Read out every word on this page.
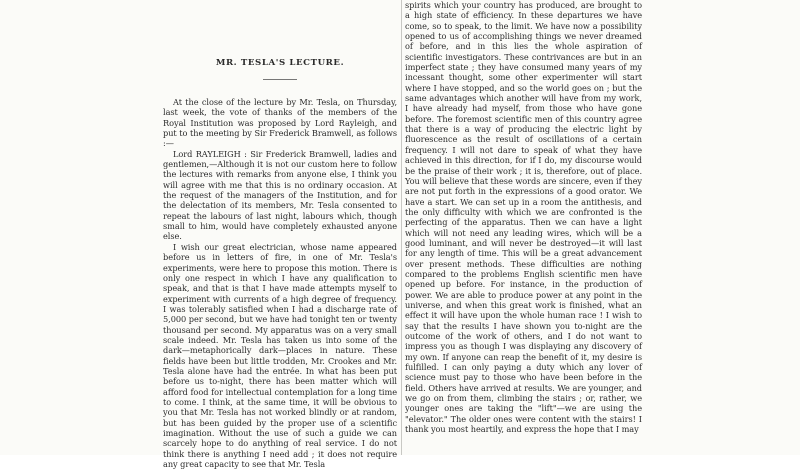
MR. TESLA'S LECTURE.

At the close of the lecture by Mr. Tesla, on Thursday, last week, the vote of thanks of the members of the Royal Institution was proposed by Lord Rayleigh, and put to the meeting by Sir Frederick Bramwell, as follows :—

Lord RAYLEIGH : Sir Frederick Bramwell, ladies and gentlemen,—Although it is not our custom here to follow the lectures with remarks from anyone else, I think you will agree with me that this is no ordinary occasion. At the request of the managers of the Institution, and for the delectation of its members, Mr. Tesla consented to repeat the labours of last night, labours which, though small to him, would have completely exhausted anyone else.

I wish our great electrician, whose name appeared before us in letters of fire, in one of Mr. Tesla's experiments, were here to propose this motion. There is only one respect in which I have any qualification to speak, and that is that I have made attempts myself to experiment with currents of a high degree of frequency. I was tolerably satisfied when I had a discharge rate of 5,000 per second, but we have had tonight ten or twenty thousand per second. My apparatus was on a very small scale indeed. Mr. Tesla has taken us into some of the dark—metaphorically dark—places in nature. These fields have been but little trodden, Mr. Crookes and Mr. Tesla alone have had the entrée. In what has been put before us to-night, there has been matter which will afford food for intellectual contemplation for a long time to come. I think, at the same time, it will be obvious to you that Mr. Tesla has not worked blindly or at random, but has been guided by the proper use of a scientific imagination. Without the use of such a guide we can scarcely hope to do anything of real service. I do not think there is anything I need add ; it does not require any great capacity to see that Mr. Tesla

spirits which your country has produced, are brought to a high state of efficiency. In these departures we have come, so to speak, to the limit. We have now a possibility opened to us of accomplishing things we never dreamed of before, and in this lies the whole aspiration of scientific investigators. These contrivances are but in an imperfect state ; they have consumed many years of my incessant thought, some other experimenter will start where I have stopped, and so the world goes on ; but the same advantages which another will have from my work, I have already had myself, from those who have gone before. The foremost scientific men of this country agree that there is a way of producing the electric light by fluorescence as the result of oscillations of a certain frequency. I will not dare to speak of what they have achieved in this direction, for if I do, my discourse would be the praise of their work ; it is, therefore, out of place. You will believe that these words are sincere, even if they are not put forth in the expressions of a good orator. We have a start. We can set up in a room the antithesis, and the only difficulty with which we are confronted is the perfecting of the apparatus. Then we can have a light which will not need any leading wires, which will be a good luminant, and will never be destroyed—it will last for any length of time. This will be a great advancement over present methods. These difficulties are nothing compared to the problems English scientific men have opened up before. For instance, in the production of power. We are able to produce power at any point in the universe, and when this great work is finished, what an effect it will have upon the whole human race ! I wish to say that the results I have shown you to-night are the outcome of the work of others, and I do not want to impress you as though I was displaying any discovery of my own. If anyone can reap the benefit of it, my desire is fulfilled. I can only paying a duty which any lover of science must pay to those who have been before in the field. Others have arrived at results. We are younger, and we go on from them, climbing the stairs ; or, rather, we younger ones are taking the "lift"—we are using the "elevator." The older ones were content with the stairs! I thank you most heartily, and express the hope that I may
